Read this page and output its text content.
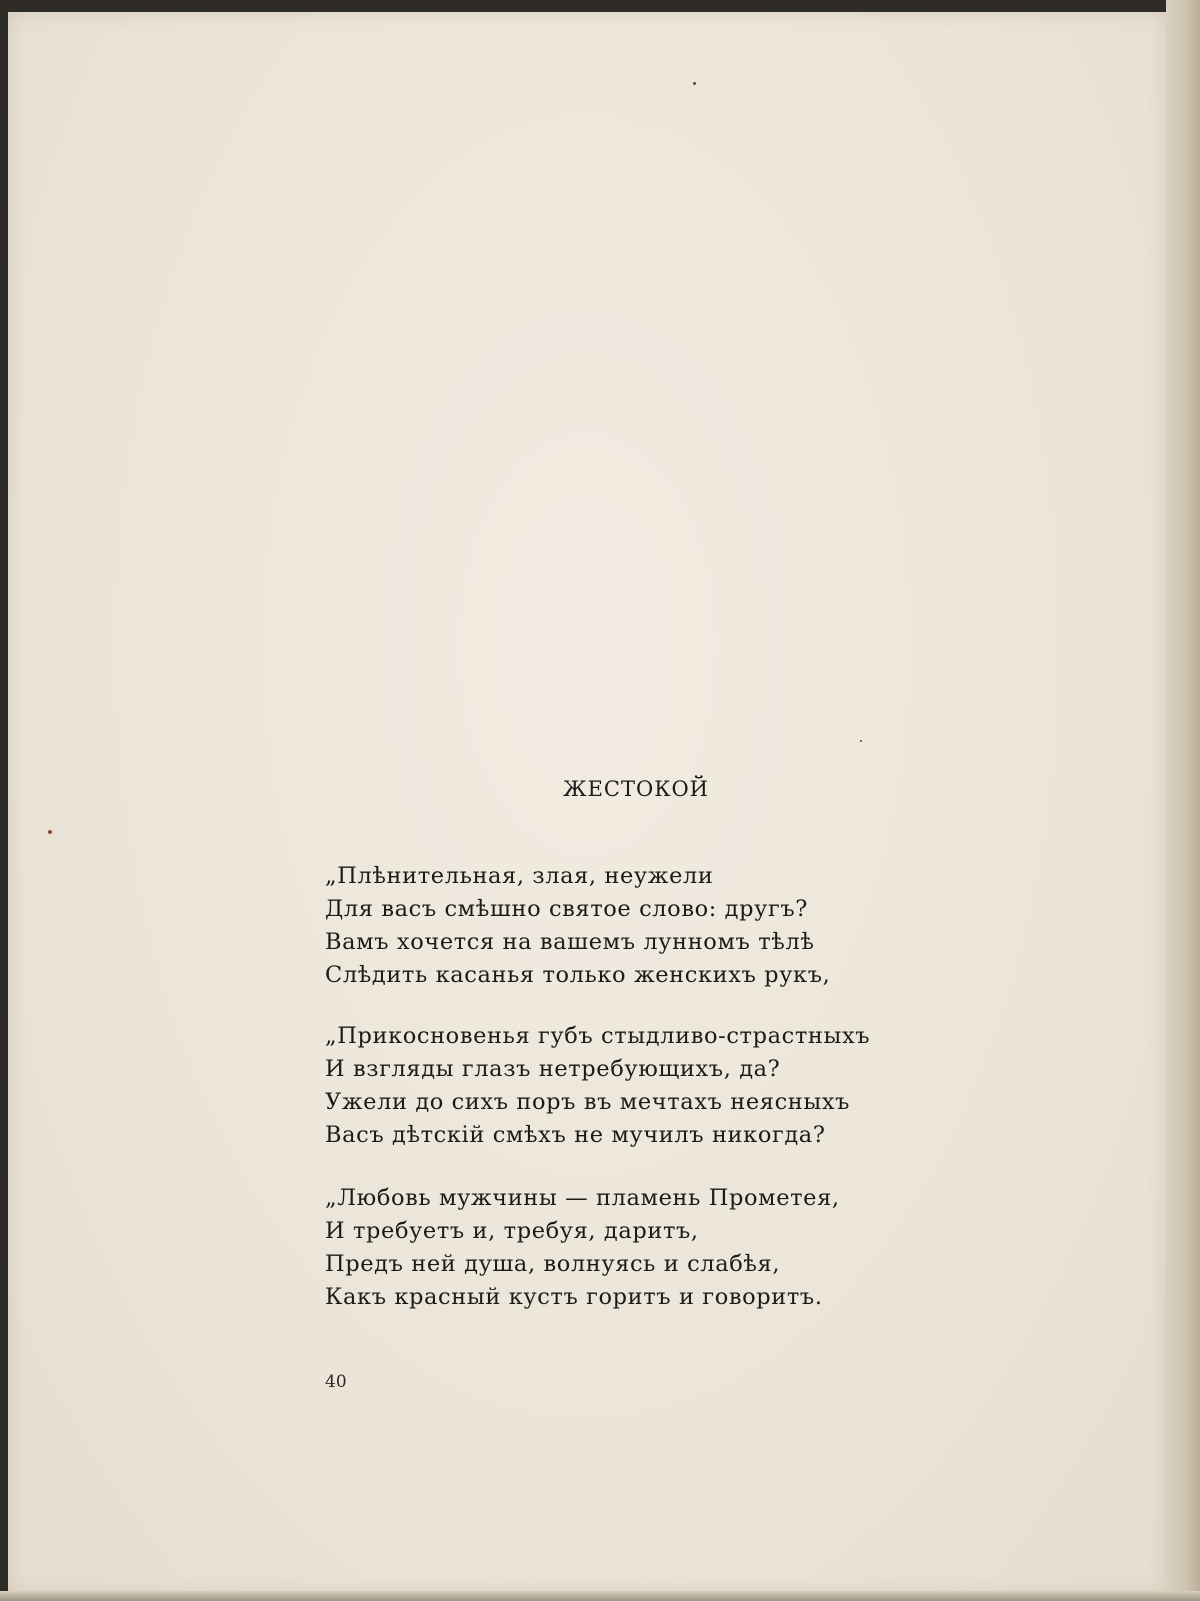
ЖЕСТОКОЙ
„Плѣнительная, злая, неужели
Для васъ смѣшно святое слово: другъ?
Вамъ хочется на вашемъ лунномъ тѣлѣ
Слѣдить касанья только женскихъ рукъ,
„Прикосновенья губъ стыдливо-страстныхъ
И взгляды глазъ нетребующихъ, да?
Ужели до сихъ поръ въ мечтахъ неясныхъ
Васъ дѣтскій смѣхъ не мучилъ никогда?
„Любовь мужчины — пламень Прометея,
И требуетъ и, требуя, даритъ,
Предъ ней душа, волнуясь и слабѣя,
Какъ красный кустъ горитъ и говоритъ.
40
